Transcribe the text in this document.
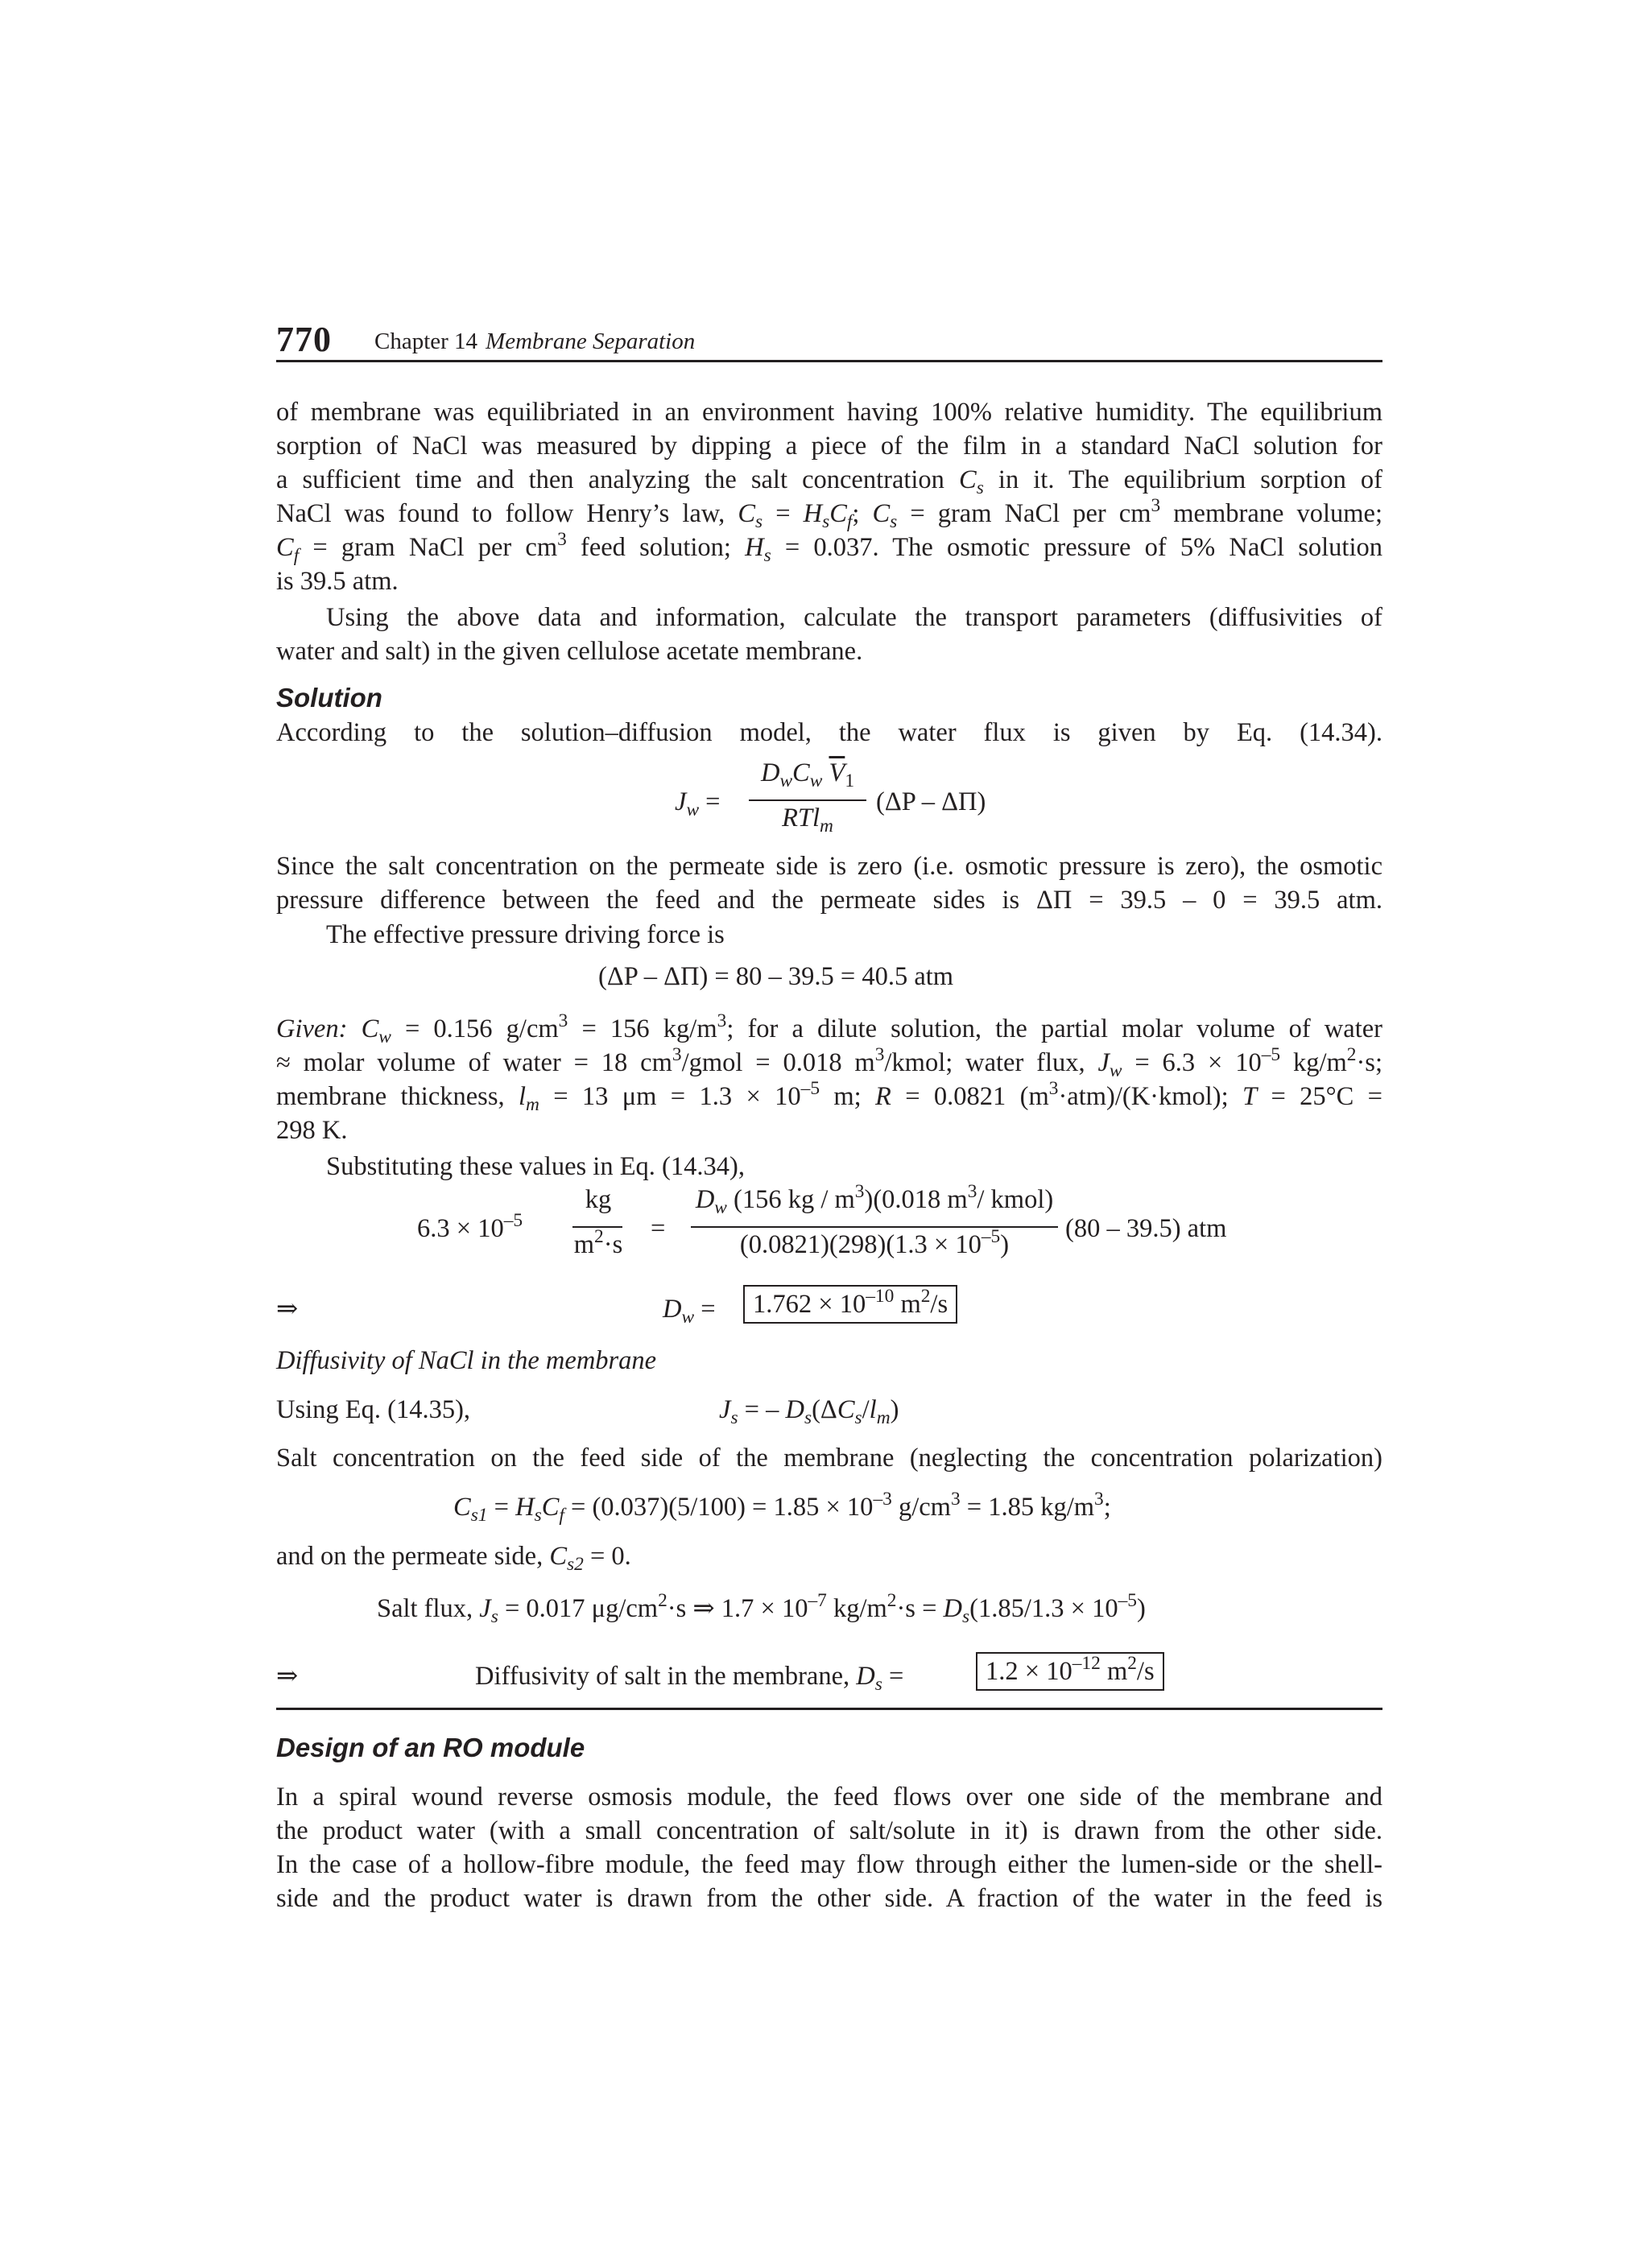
770 Chapter 14 Membrane Separation
of membrane was equilibriated in an environment having 100% relative humidity. The equilibrium
sorption of NaCl was measured by dipping a piece of the film in a standard NaCl solution for
a sufficient time and then analyzing the salt concentration $C_s$ in it. The equilibrium sorption of
NaCl was found to follow Henry’s law, $C_s = H_sC_f$; $C_s$ = gram NaCl per $cm^3$ membrane volume;
$C_f$ = gram NaCl per $cm^3$ feed solution; $H_s = 0.037$. The osmotic pressure of 5% NaCl solution
is 39.5 atm.
Using the above data and information, calculate the transport parameters (diffusivities of
water and salt) in the given cellulose acetate membrane.
Solution
According to the solution–diffusion model, the water flux is given by Eq. (14.34).
$J_w$ =
$D_wC_w$ $\overline{V}_1$
RTl$_m$
(ΔP – ΔΠ)
Since the salt concentration on the permeate side is zero (i.e. osmotic pressure is zero), the osmotic
pressure difference between the feed and the permeate sides is ΔΠ = 39.5 – 0 = 39.5 atm.
The effective pressure driving force is
(ΔP – ΔΠ) = 80 – 39.5 = 40.5 atm
Given: $C_w = 0.156$ $g/cm^3 = 156$ $kg/m^3$; for a dilute solution, the partial molar volume of water
≈ molar volume of water = 18 $cm^3$/gmol = 0.018 $m^3$/kmol; water flux, $J_w = 6.3 \times 10^{-5}$ $kg/m^2\cdot s$;
membrane thickness, $l_m = 13$ $\mu m = 1.3 \times 10^{-5}$ m; R = 0.0821 $(m^3\cdot atm)/(K\cdot kmol)$; T = 25°C =
298 K.
Substituting these values in Eq. (14.34),
$6.3 \times 10^{-5}$
kg
$m^2\cdot s$
=
$D_w$ (156 kg / $m^3)(0.018$ $m^3/$ kmol)
$(0.0821)(298)(1.3 \times 10^{-5})$
(80 – 39.5) atm
⇒	$D_w$ =	$1.762 \times 10^{-10}$ $m^2/s$
Diffusivity of NaCl in the membrane
Using Eq. (14.35),	$J_s$ = – $D_s(\Delta C_s/l_m)$
Salt concentration on the feed side of the membrane (neglecting the concentration polarization)
$C_{s1} = H_sC_f = (0.037)(5/100) = 1.85 \times 10^{-3}$ $g/cm^3 = 1.85$ $kg/m^3$;
and on the permeate side, $C_{s2} = 0$.
Salt flux, $J_s = 0.017$ $\mu g/cm^2\cdot s$ ⇒ $1.7 \times 10^{-7}$ $kg/m^2\cdot s = D_s(1.85/1.3 \times 10^{-5})$
⇒	Diffusivity of salt in the membrane, $D_s$ =	$1.2 \times 10^{-12}$ $m^2/s$
Design of an RO module
In a spiral wound reverse osmosis module, the feed flows over one side of the membrane and
the product water (with a small concentration of salt/solute in it) is drawn from the other side.
In the case of a hollow-fibre module, the feed may flow through either the lumen-side or the shell-
side and the product water is drawn from the other side. A fraction of the water in the feed is
